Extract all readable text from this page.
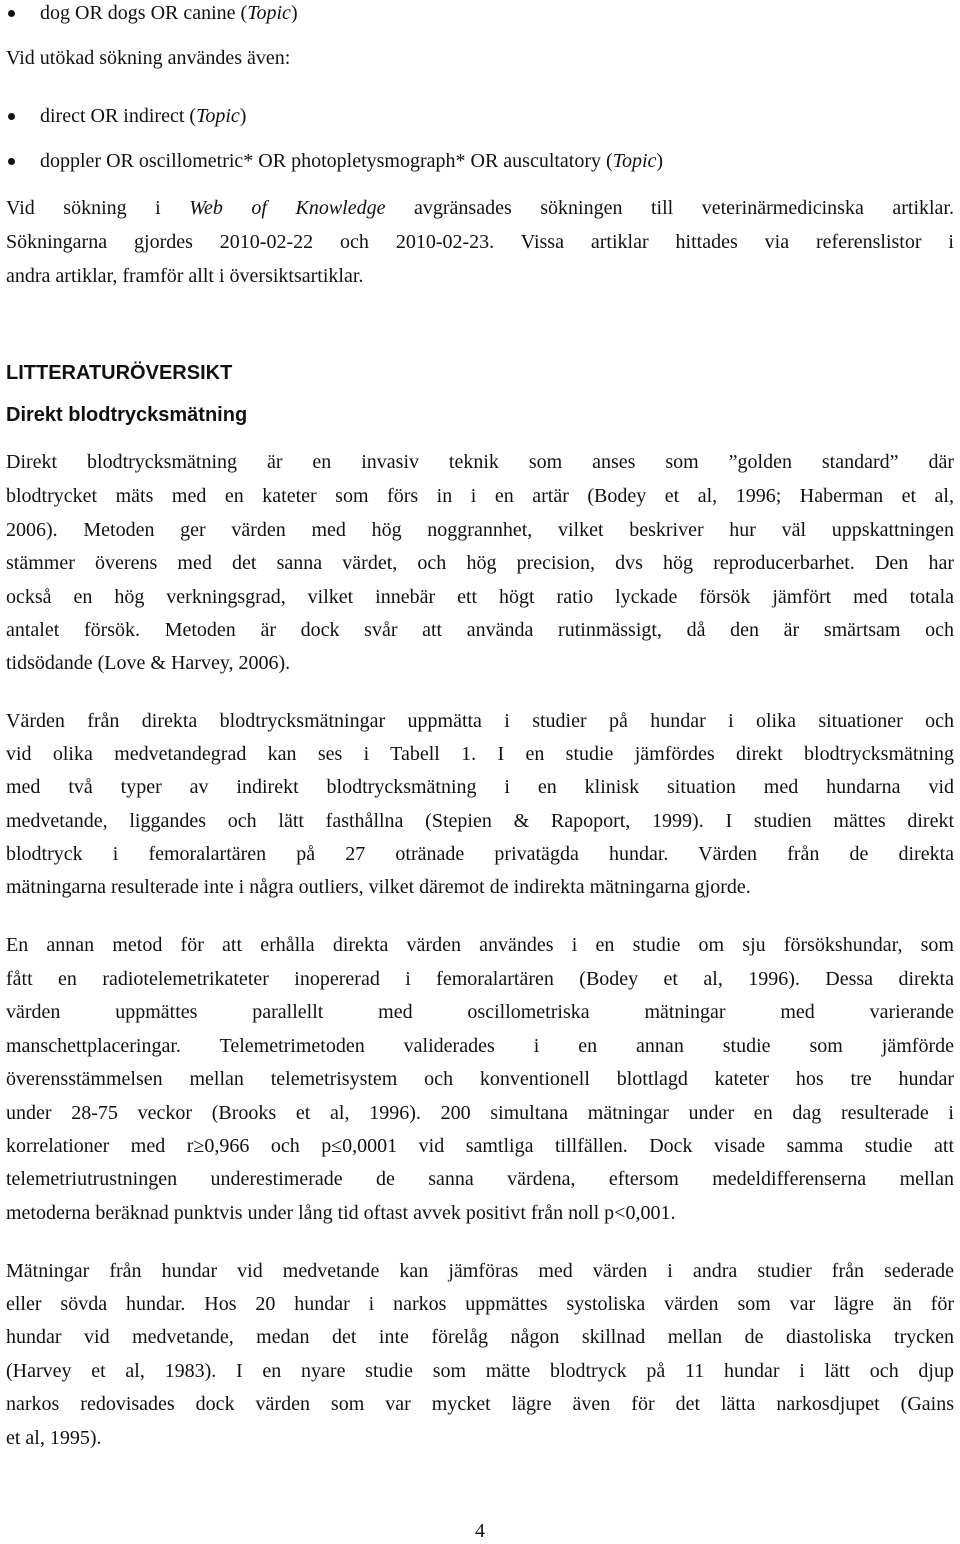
dog OR dogs OR canine (Topic)
Vid utökad sökning användes även:
direct OR indirect (Topic)
doppler OR oscillometric* OR photopletysmograph* OR auscultatory (Topic)
Vid sökning i Web of Knowledge avgränsades sökningen till veterinärmedicinska artiklar.
Sökningarna gjordes 2010-02-22 och 2010-02-23. Vissa artiklar hittades via referenslistor i
andra artiklar, framför allt i översiktsartiklar.
LITTERATURÖVERSIKT
Direkt blodtrycksmätning
Direkt blodtrycksmätning är en invasiv teknik som anses som ”golden standard” där
blodtrycket mäts med en kateter som förs in i en artär (Bodey et al, 1996; Haberman et al,
2006). Metoden ger värden med hög noggrannhet, vilket beskriver hur väl uppskattningen
stämmer överens med det sanna värdet, och hög precision, dvs hög reproducerbarhet. Den har
också en hög verkningsgrad, vilket innebär ett högt ratio lyckade försök jämfört med totala
antalet försök. Metoden är dock svår att använda rutinmässigt, då den är smärtsam och
tidsödande (Love & Harvey, 2006).
Värden från direkta blodtrycksmätningar uppmätta i studier på hundar i olika situationer och
vid olika medvetandegrad kan ses i Tabell 1. I en studie jämfördes direkt blodtrycksmätning
med två typer av indirekt blodtrycksmätning i en klinisk situation med hundarna vid
medvetande, liggandes och lätt fasthållna (Stepien & Rapoport, 1999). I studien mättes direkt
blodtryck i femoralartären på 27 otränade privatägda hundar. Värden från de direkta
mätningarna resulterade inte i några outliers, vilket däremot de indirekta mätningarna gjorde.
En annan metod för att erhålla direkta värden användes i en studie om sju försökshundar, som
fått en radiotelemetrikateter inopererad i femoralartären (Bodey et al, 1996). Dessa direkta
värden uppmättes parallellt med oscillometriska mätningar med varierande
manschettplaceringar. Telemetrimetoden validerades i en annan studie som jämförde
överensstämmelsen mellan telemetrisystem och konventionell blottlagd kateter hos tre hundar
under 28-75 veckor (Brooks et al, 1996). 200 simultana mätningar under en dag resulterade i
korrelationer med r≥0,966 och p≤0,0001 vid samtliga tillfällen. Dock visade samma studie att
telemetriutrustningen underestimerade de sanna värdena, eftersom medeldifferenserna mellan
metoderna beräknad punktvis under lång tid oftast avvek positivt från noll p<0,001.
Mätningar från hundar vid medvetande kan jämföras med värden i andra studier från sederade
eller sövda hundar. Hos 20 hundar i narkos uppmättes systoliska värden som var lägre än för
hundar vid medvetande, medan det inte förelåg någon skillnad mellan de diastoliska trycken
(Harvey et al, 1983). I en nyare studie som mätte blodtryck på 11 hundar i lätt och djup
narkos redovisades dock värden som var mycket lägre även för det lätta narkosdjupet (Gains
et al, 1995).
4
